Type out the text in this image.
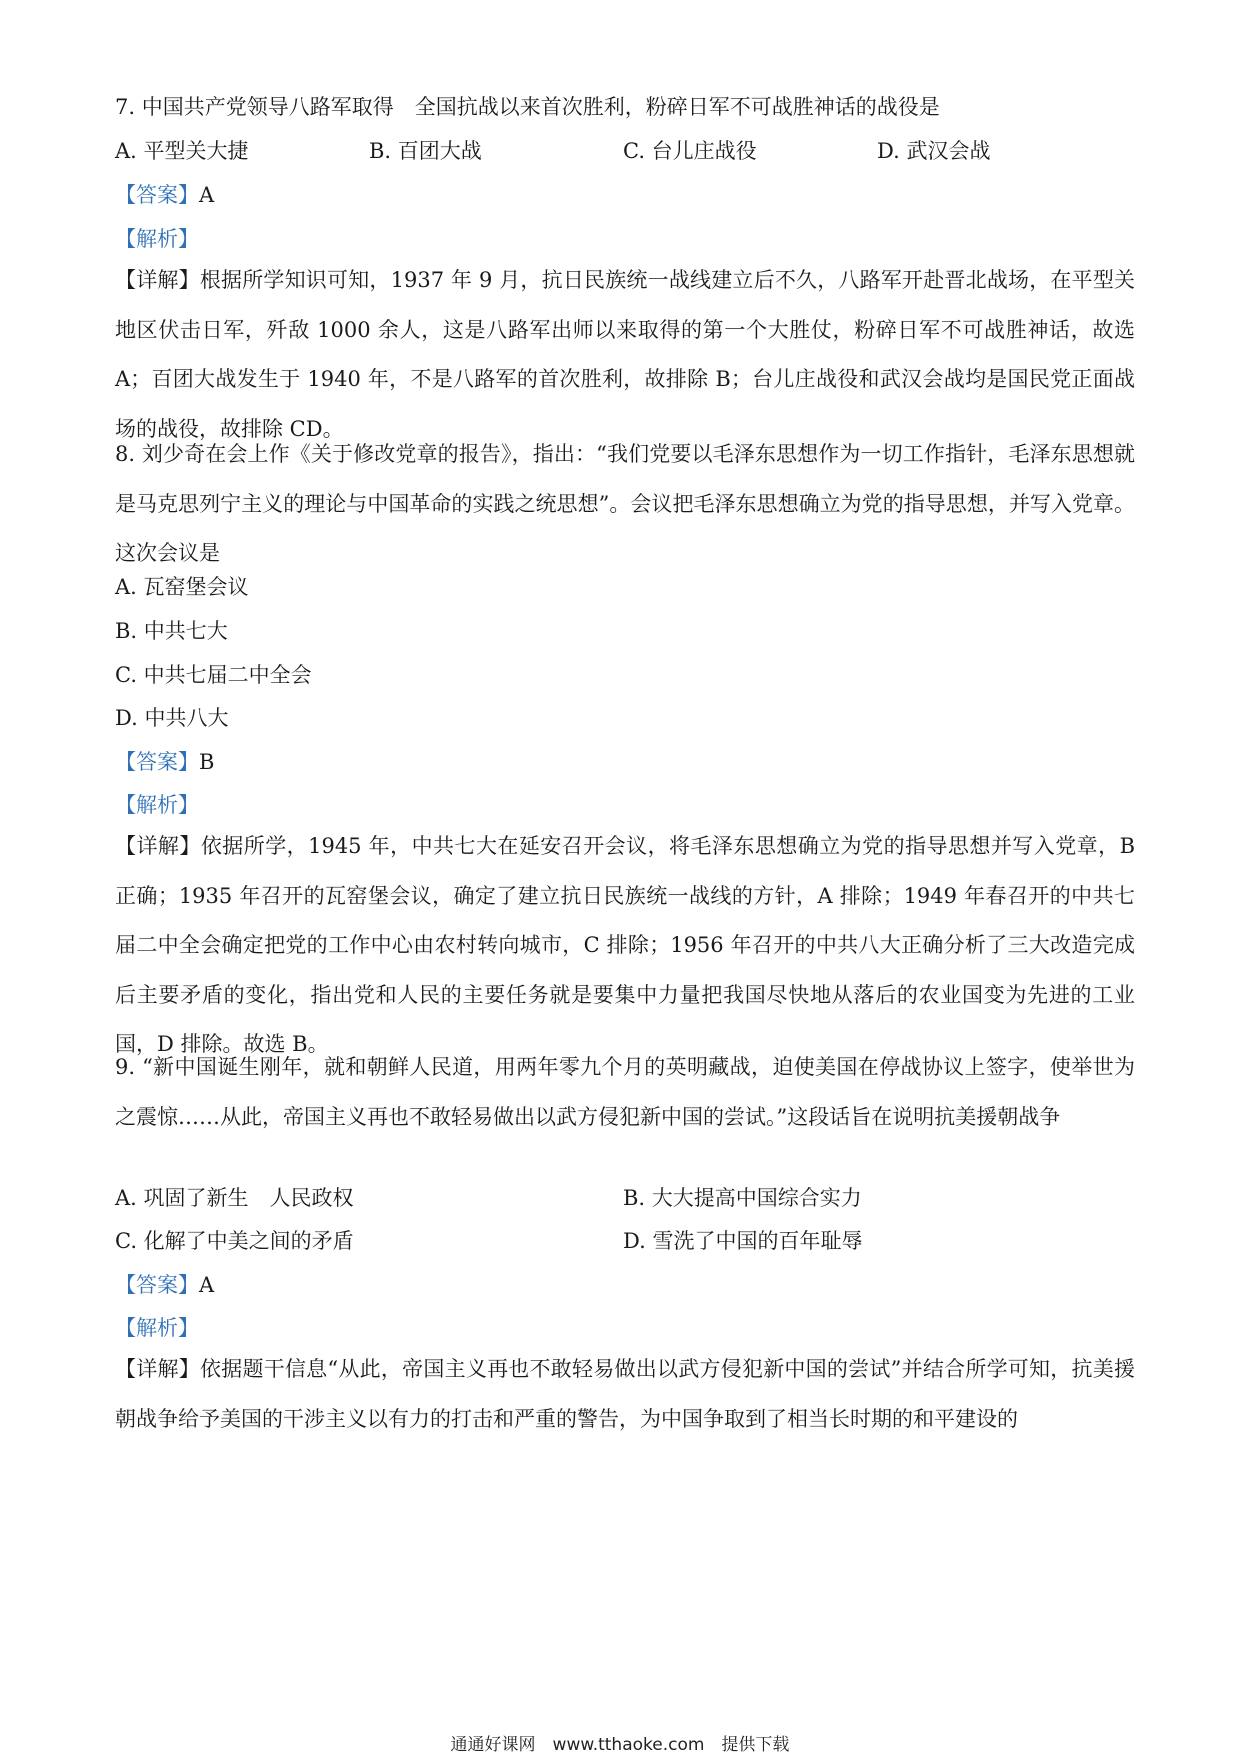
7. 中国共产党领导八路军取得　全国抗战以来首次胜利，粉碎日军不可战胜神话的战役是
A. 平型关大捷	B. 百团大战	C. 台儿庄战役	D. 武汉会战
【答案】A
【解析】
【详解】根据所学知识可知，1937 年 9 月，抗日民族统一战线建立后不久，八路军开赴晋北战场，在平型关地区伏击日军，歼敌 1000 余人，这是八路军出师以来取得的第一个大胜仗，粉碎日军不可战胜神话，故选 A；百团大战发生于 1940 年，不是八路军的首次胜利，故排除 B；台儿庄战役和武汉会战均是国民党正面战场的战役，故排除 CD。
8. 刘少奇在会上作《关于修改党章的报告》，指出：“我们党要以毛泽东思想作为一切工作指针，毛泽东思想就是马克思列宁主义的理论与中国革命的实践之统思想”。会议把毛泽东思想确立为党的指导思想，并写入党章。这次会议是
A. 瓦窑堡会议
B. 中共七大
C. 中共七届二中全会
D. 中共八大
【答案】B
【解析】
【详解】依据所学，1945 年，中共七大在延安召开会议，将毛泽东思想确立为党的指导思想并写入党章，B 正确；1935 年召开的瓦窑堡会议，确定了建立抗日民族统一战线的方针，A 排除；1949 年春召开的中共七届二中全会确定把党的工作中心由农村转向城市，C 排除；1956 年召开的中共八大正确分析了三大改造完成后主要矛盾的变化，指出党和人民的主要任务就是要集中力量把我国尽快地从落后的农业国变为先进的工业国，D 排除。故选 B。
9. “新中国诞生刚年，就和朝鲜人民道，用两年零九个月的英明藏战，迫使美国在停战协议上签字，使举世为之震惊……从此，帝国主义再也不敢轻易做出以武方侵犯新中国的尝试。”这段话旨在说明抗美援朝战争
A. 巩固了新生　人民政权	B. 大大提高中国综合实力
C. 化解了中美之间的矛盾	D. 雪洗了中国的百年耻辱
【答案】A
【解析】
【详解】依据题干信息“从此，帝国主义再也不敢轻易做出以武方侵犯新中国的尝试”并结合所学可知，抗美援朝战争给予美国的干涉主义以有力的打击和严重的警告，为中国争取到了相当长时期的和平建设的
通通好课网　www.tthaoke.com　提供下载
